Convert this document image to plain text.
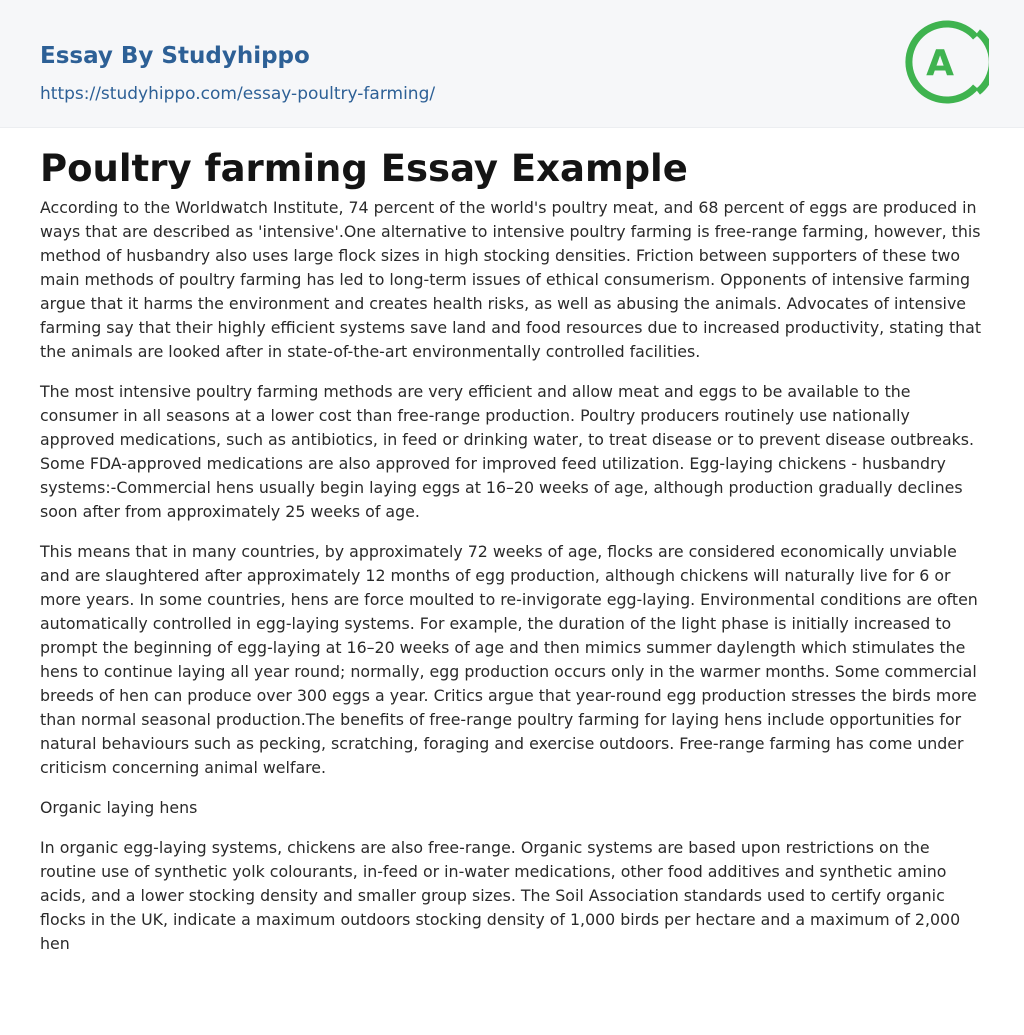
Essay By Studyhippo
https://studyhippo.com/essay-poultry-farming/
A
Poultry farming Essay Example

According to the Worldwatch Institute, 74 percent of the world's poultry meat, and 68 percent of eggs are produced in ways that are described as 'intensive'.One alternative to intensive poultry farming is free-range farming, however, this method of husbandry also uses large flock sizes in high stocking densities. Friction between supporters of these two main methods of poultry farming has led to long-term issues of ethical consumerism. Opponents of intensive farming argue that it harms the environment and creates health risks, as well as abusing the animals. Advocates of intensive farming say that their highly efficient systems save land and food resources due to increased productivity, stating that the animals are looked after in state-of-the-art environmentally controlled facilities.

The most intensive poultry farming methods are very efficient and allow meat and eggs to be available to the consumer in all seasons at a lower cost than free-range production. Poultry producers routinely use nationally approved medications, such as antibiotics, in feed or drinking water, to treat disease or to prevent disease outbreaks. Some FDA-approved medications are also approved for improved feed utilization. Egg-laying chickens - husbandry systems:-Commercial hens usually begin laying eggs at 16–20 weeks of age, although production gradually declines soon after from approximately 25 weeks of age.

This means that in many countries, by approximately 72 weeks of age, flocks are considered economically unviable and are slaughtered after approximately 12 months of egg production, although chickens will naturally live for 6 or more years. In some countries, hens are force moulted to re-invigorate egg-laying. Environmental conditions are often automatically controlled in egg-laying systems. For example, the duration of the light phase is initially increased to prompt the beginning of egg-laying at 16–20 weeks of age and then mimics summer daylength which stimulates the hens to continue laying all year round; normally, egg production occurs only in the warmer months. Some commercial breeds of hen can produce over 300 eggs a year. Critics argue that year-round egg production stresses the birds more than normal seasonal production.The benefits of free-range poultry farming for laying hens include opportunities for natural behaviours such as pecking, scratching, foraging and exercise outdoors. Free-range farming has come under criticism concerning animal welfare.

Organic laying hens

In organic egg-laying systems, chickens are also free-range. Organic systems are based upon restrictions on the routine use of synthetic yolk colourants, in-feed or in-water medications, other food additives and synthetic amino acids, and a lower stocking density and smaller group sizes. The Soil Association standards used to certify organic flocks in the UK, indicate a maximum outdoors stocking density of 1,000 birds per hectare and a maximum of 2,000 hen
